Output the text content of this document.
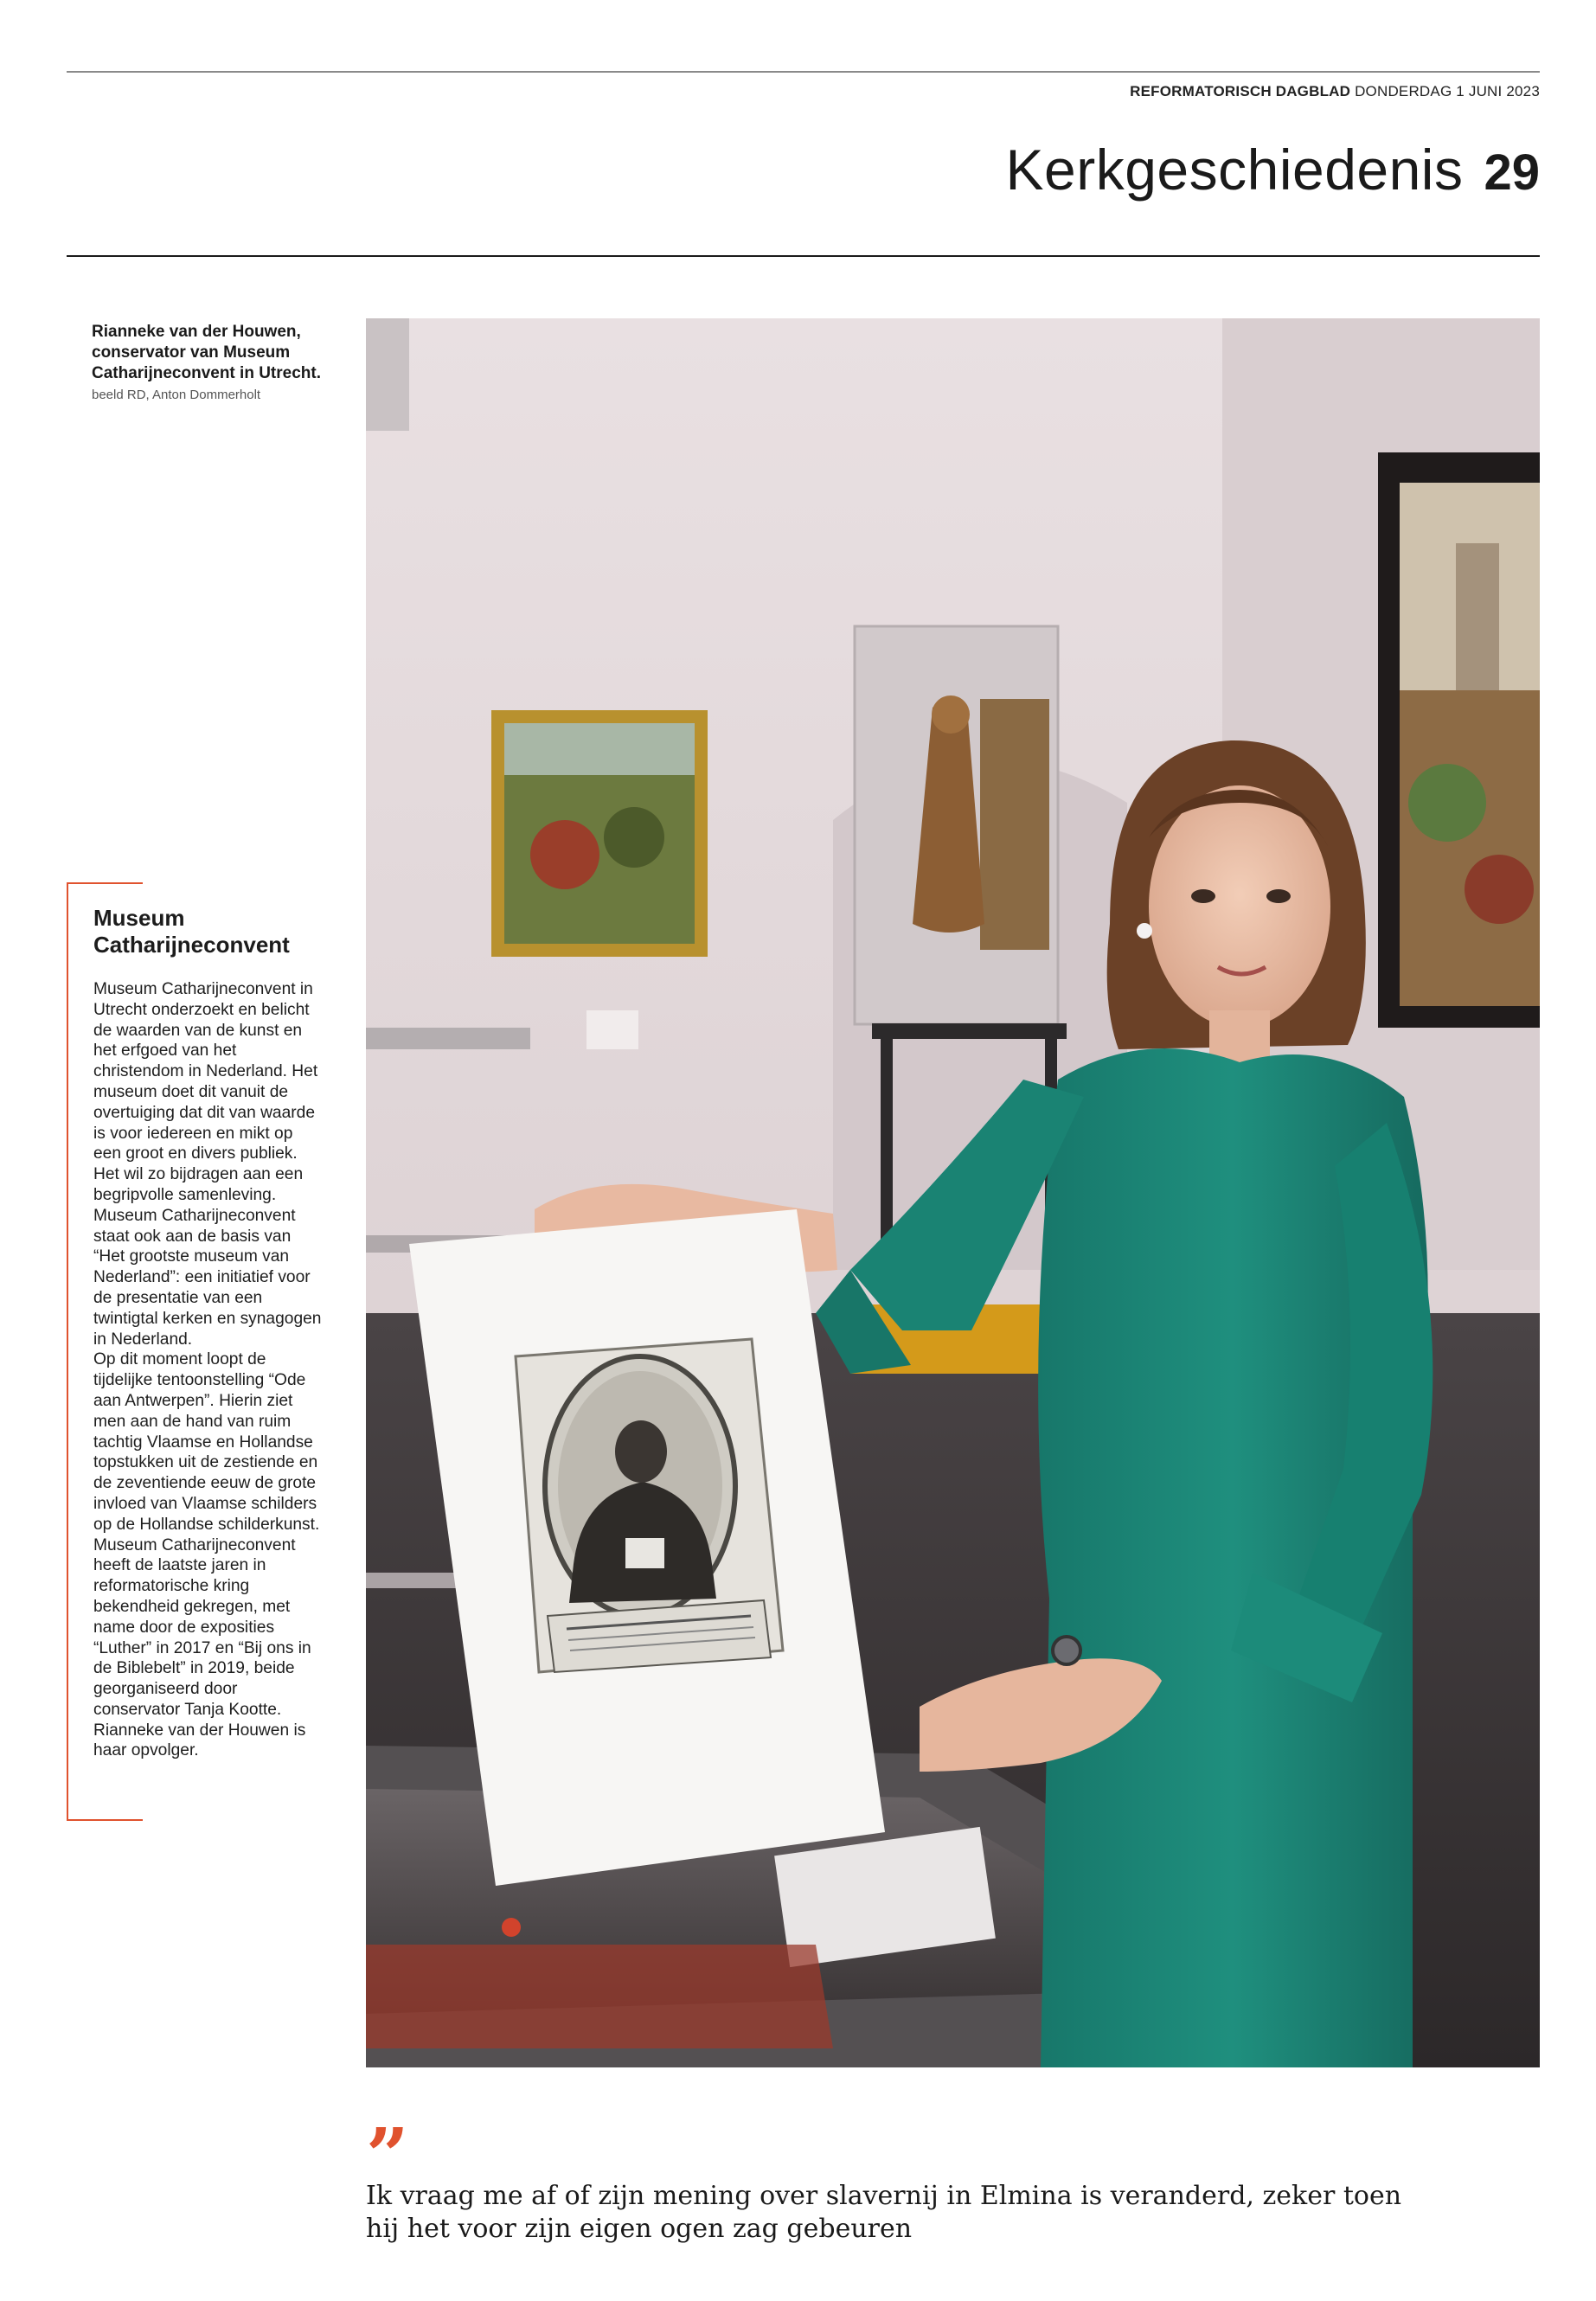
REFORMATORISCH DAGBLAD DONDERDAG 1 JUNI 2023
Kerkgeschiedenis 29
Rianneke van der Houwen, conservator van Museum Catharijneconvent in Utrecht. beeld RD, Anton Dommerholt
Museum Catharijneconvent

Museum Catharijneconvent in Utrecht onderzoekt en belicht de waarden van de kunst en het erfgoed van het christendom in Nederland. Het museum doet dit vanuit de overtuiging dat dit van waarde is voor iedereen en mikt op een groot en divers publiek. Het wil zo bijdragen aan een begripvolle samenleving.

Museum Catharijneconvent staat ook aan de basis van “Het grootste museum van Nederland”: een initiatief voor de presentatie van een twintigtal kerken en synagogen in Nederland.

Op dit moment loopt de tijdelijke tentoonstelling “Ode aan Antwerpen”. Hierin ziet men aan de hand van ruim tachtig Vlaamse en Hollandse topstukken uit de zestiende en de zeventiende eeuw de grote invloed van Vlaamse schilders op de Hollandse schilderkunst.

Museum Catharijneconvent heeft de laatste jaren in reformatorische kring bekendheid gekregen, met name door de exposities “Luther” in 2017 en “Bij ons in de Biblebelt” in 2019, beide georganiseerd door conservator Tanja Kootte. Rianneke van der Houwen is haar opvolger.

”
Ik vraag me af of zijn mening over slavernij in Elmina is veranderd, zeker toen hij het voor zijn eigen ogen zag gebeuren
